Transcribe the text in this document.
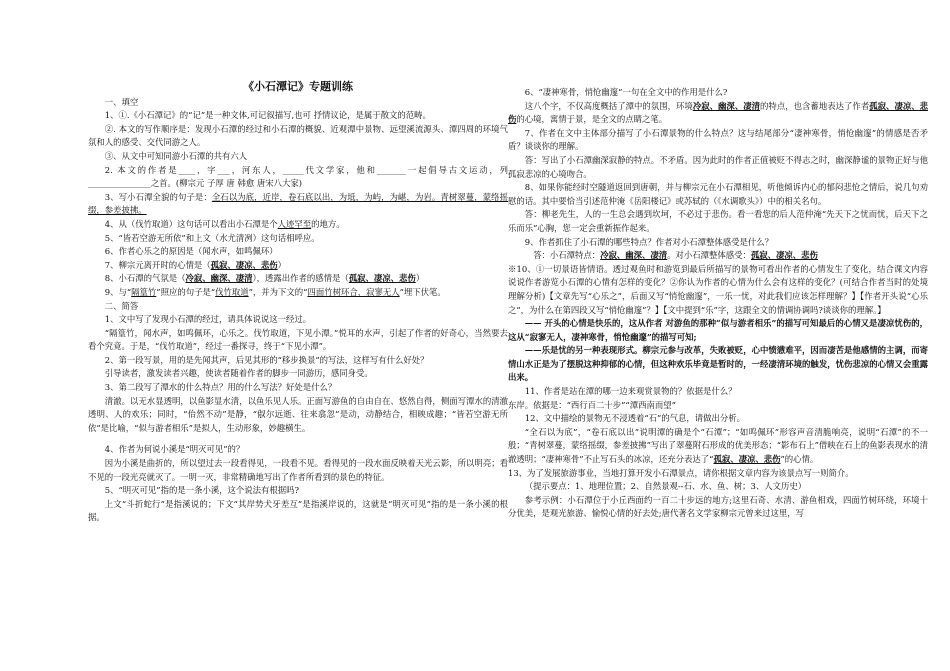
《小石潭记》专题训练

一、填空

1、①.《小石潭记》的“记”是一种文体,可记叙描写,也可 抒情议论，是属于散文的范畴。

②. 本文的写作顺序是：发现小石潭的经过和小石潭的概貌、近观潭中景物、远望溪流源头、潭四周的环境气氛和人的感受、交代同游之人。

③、从文中可知同游小石潭的共有六人

2. 本文的作者是____，字___，河东人，_____代文学家，他和_______一起倡导古文运动，列_______________之首。(柳宗元 子厚 唐 韩愈 唐宋八大家)

3、写小石潭全貌的句子是：全石以为底，近岸，卷石底以出，为坻，为屿，为嵁，为岩。青树翠蔓，蒙络摇缀，参差披拂。

4、从（伐竹取道）这句话可以看出小石潭是个人迹罕至的地方。

5、“皆若空游无所依”和上文（水尤清冽）这句话相呼应。

6、作者心乐之的原因是（闻水声，如鸣佩环）

7、柳宗元离开时的心情是（孤寂、凄凉、悲伤）

8、小石潭的气氛是（冷寂、幽深、凄清），透露出作者的感情是（孤寂、凄凉、悲伤）

9、与“隔篁竹”照应的句子是“伐竹取道”，并为下文的“四面竹树环合，寂寥无人”埋下伏笔。

二、简答

1、文中写了发现小石潭的经过，请具体说说这一经过。

“隔篁竹，闻水声，如鸣佩环，心乐之。伐竹取道，下见小潭。”悦耳的水声，引起了作者的好奇心，当然要去看个究竟。于是，“伐竹取道”，经过一番探寻，终于“下见小潭”。

2、第一段写景，用的是先闻其声，后见其形的“移步换景”的写法，这样写有什么好处？

引导读者，激发读者兴趣，使读者随着作者的脚步一同游历，感同身受。

3、第二段写了潭水的什么特点？用的什么写法？好处是什么？

清澈。以无水显透明，以鱼影显水清，以鱼乐见人乐。正面写游鱼的自由自在、悠然自得，侧面写潭水的清澈透明、人的欢乐；同时，“佁然不动”是静，“俶尔远逝、往来翕忽”是动，动静结合，相映成趣；“皆若空游无所依”是比喻，“似与游者相乐”是拟人，生动形象，妙趣横生。

4、作者为何说小溪是“明灭可见”的？

因为小溪是曲折的，所以望过去一段看得见，一段看不见。看得见的一段水面反映着天光云影，所以明亮；看不见的一段光亮就灭了。一明一灭，非常精确地写出了作者所看到的景色的特征。

5、“明灭可见”指的是一条小溪，这个说法有根据吗?

上文“斗折蛇行”是指溪说的；下文“其岸势犬牙差互”是指溪岸说的，这就是“明灭可见”指的是一条小溪的根据。

6、“凄神寒骨，悄怆幽邃”一句在全文中的作用是什么?

这八个字，不仅高度概括了潭中的氛围，环境冷寂、幽深、凄清的特点，也含蓄地表达了作者孤寂、凄凉、悲伤的心境，寓情于景，是全文的点睛之笔。

7、作者在文中主体部分描写了小石潭景物的什么特点？这与结尾部分“凄神寒骨，悄怆幽邃”的情感是否矛盾？谈谈你的理解。

答：写出了小石潭幽深寂静的特点。不矛盾。因为此时的作者正值被贬不得志之时，幽深静谧的景物正好与他孤寂悲凉的心境吻合。

8、如果你能经时空隧道返回到唐朝，并与柳宗元在小石潭相见，听他倾诉内心的郁闷悲怆之情后，说几句劝慰的话。其中要恰当引述范仲淹《岳阳楼记》或苏轼的（《水调歌头》）中的相关名句。

答：柳老先生，人的一生总会遇到坎坷，不必过于悲伤。看一看您的后人范仲淹“先天下之忧而忧，后天下之乐而乐”心胸，您一定会重新振作起来。

9、作者抓住了小石潭的哪些特点？作者对小石潭整体感受是什么？

答：小石潭特点：冷寂、幽深、凄清。对小石潭整体感受：孤寂、凄凉、悲伤

※10、①一切景语皆情语。透过观鱼时和游览到最后所描写的景物可看出作者的心情发生了变化，结合课文内容说说作者游览小石潭的心情有怎样的变化？②你认为作者的心情为什么会有这样的变化？(可结合作者当时的处境理解分析)【文章先写“心乐之”，后面又写“悄怆幽邃”，一乐一忧，对此我们应该怎样理解？】【作者开头说“心乐之”，为什么在第四段又写“悄怆幽邃”？】【文中提到“乐”字，这跟全文的情调协调吗?谈谈你的理解。】

—— 开头的心情是快乐的，这从作者 对游鱼的那种“似与游者相乐”的描写可知最后的心情又是凄凉忧伤的，这从“寂寥无人，凄神寒骨，悄怆幽邃”的描写可知;

——乐是忧的另一种表现形式。柳宗元参与改革，失败被贬，心中愤懑难平，因而凄苦是他感情的主调，而寄情山水正是为了摆脱这种抑郁的心情，但这种欢乐毕竟是暂时的，一经凄清环境的触发，忧伤悲凉的心情又会重露出来。

11、作者是站在潭的哪一边来观赏景物的？依据是什么？

东岸。依据是：“西行百二十步”“潭西南而望”

12、文中描绘的景物无不浸透着“石”的气息，请做出分析。

“全石以为底”，“卷石底以出”说明潭的确是个“石潭”；“如鸣佩环”形容声音清脆响亮，说明“石潭”的不一般；“青树翠蔓，蒙络摇缀，参差披拂”写出了翠蔓附石形成的优美形态；“影布石上”借映在石上的鱼影表现水的清澈透明；“凄神寒骨”不止写石头的冰凉，还充分表达了“孤寂、凄凉、悲伤”的心情。

13、为了发展旅游事业，当地打算开发小石潭景点，请你根据文章内容为该景点写一则简介。

（提示要点：1、地理位置；2、自然景观--石、水、鱼、树；3、人文历史）

参考示例：小石潭位于小丘西面约一百二十步远的地方;这里石奇、水清、游鱼相戏，四面竹树环绕，环境十分优美，是观光旅游、愉悦心情的好去处;唐代著名文学家柳宗元曾来过这里，写
